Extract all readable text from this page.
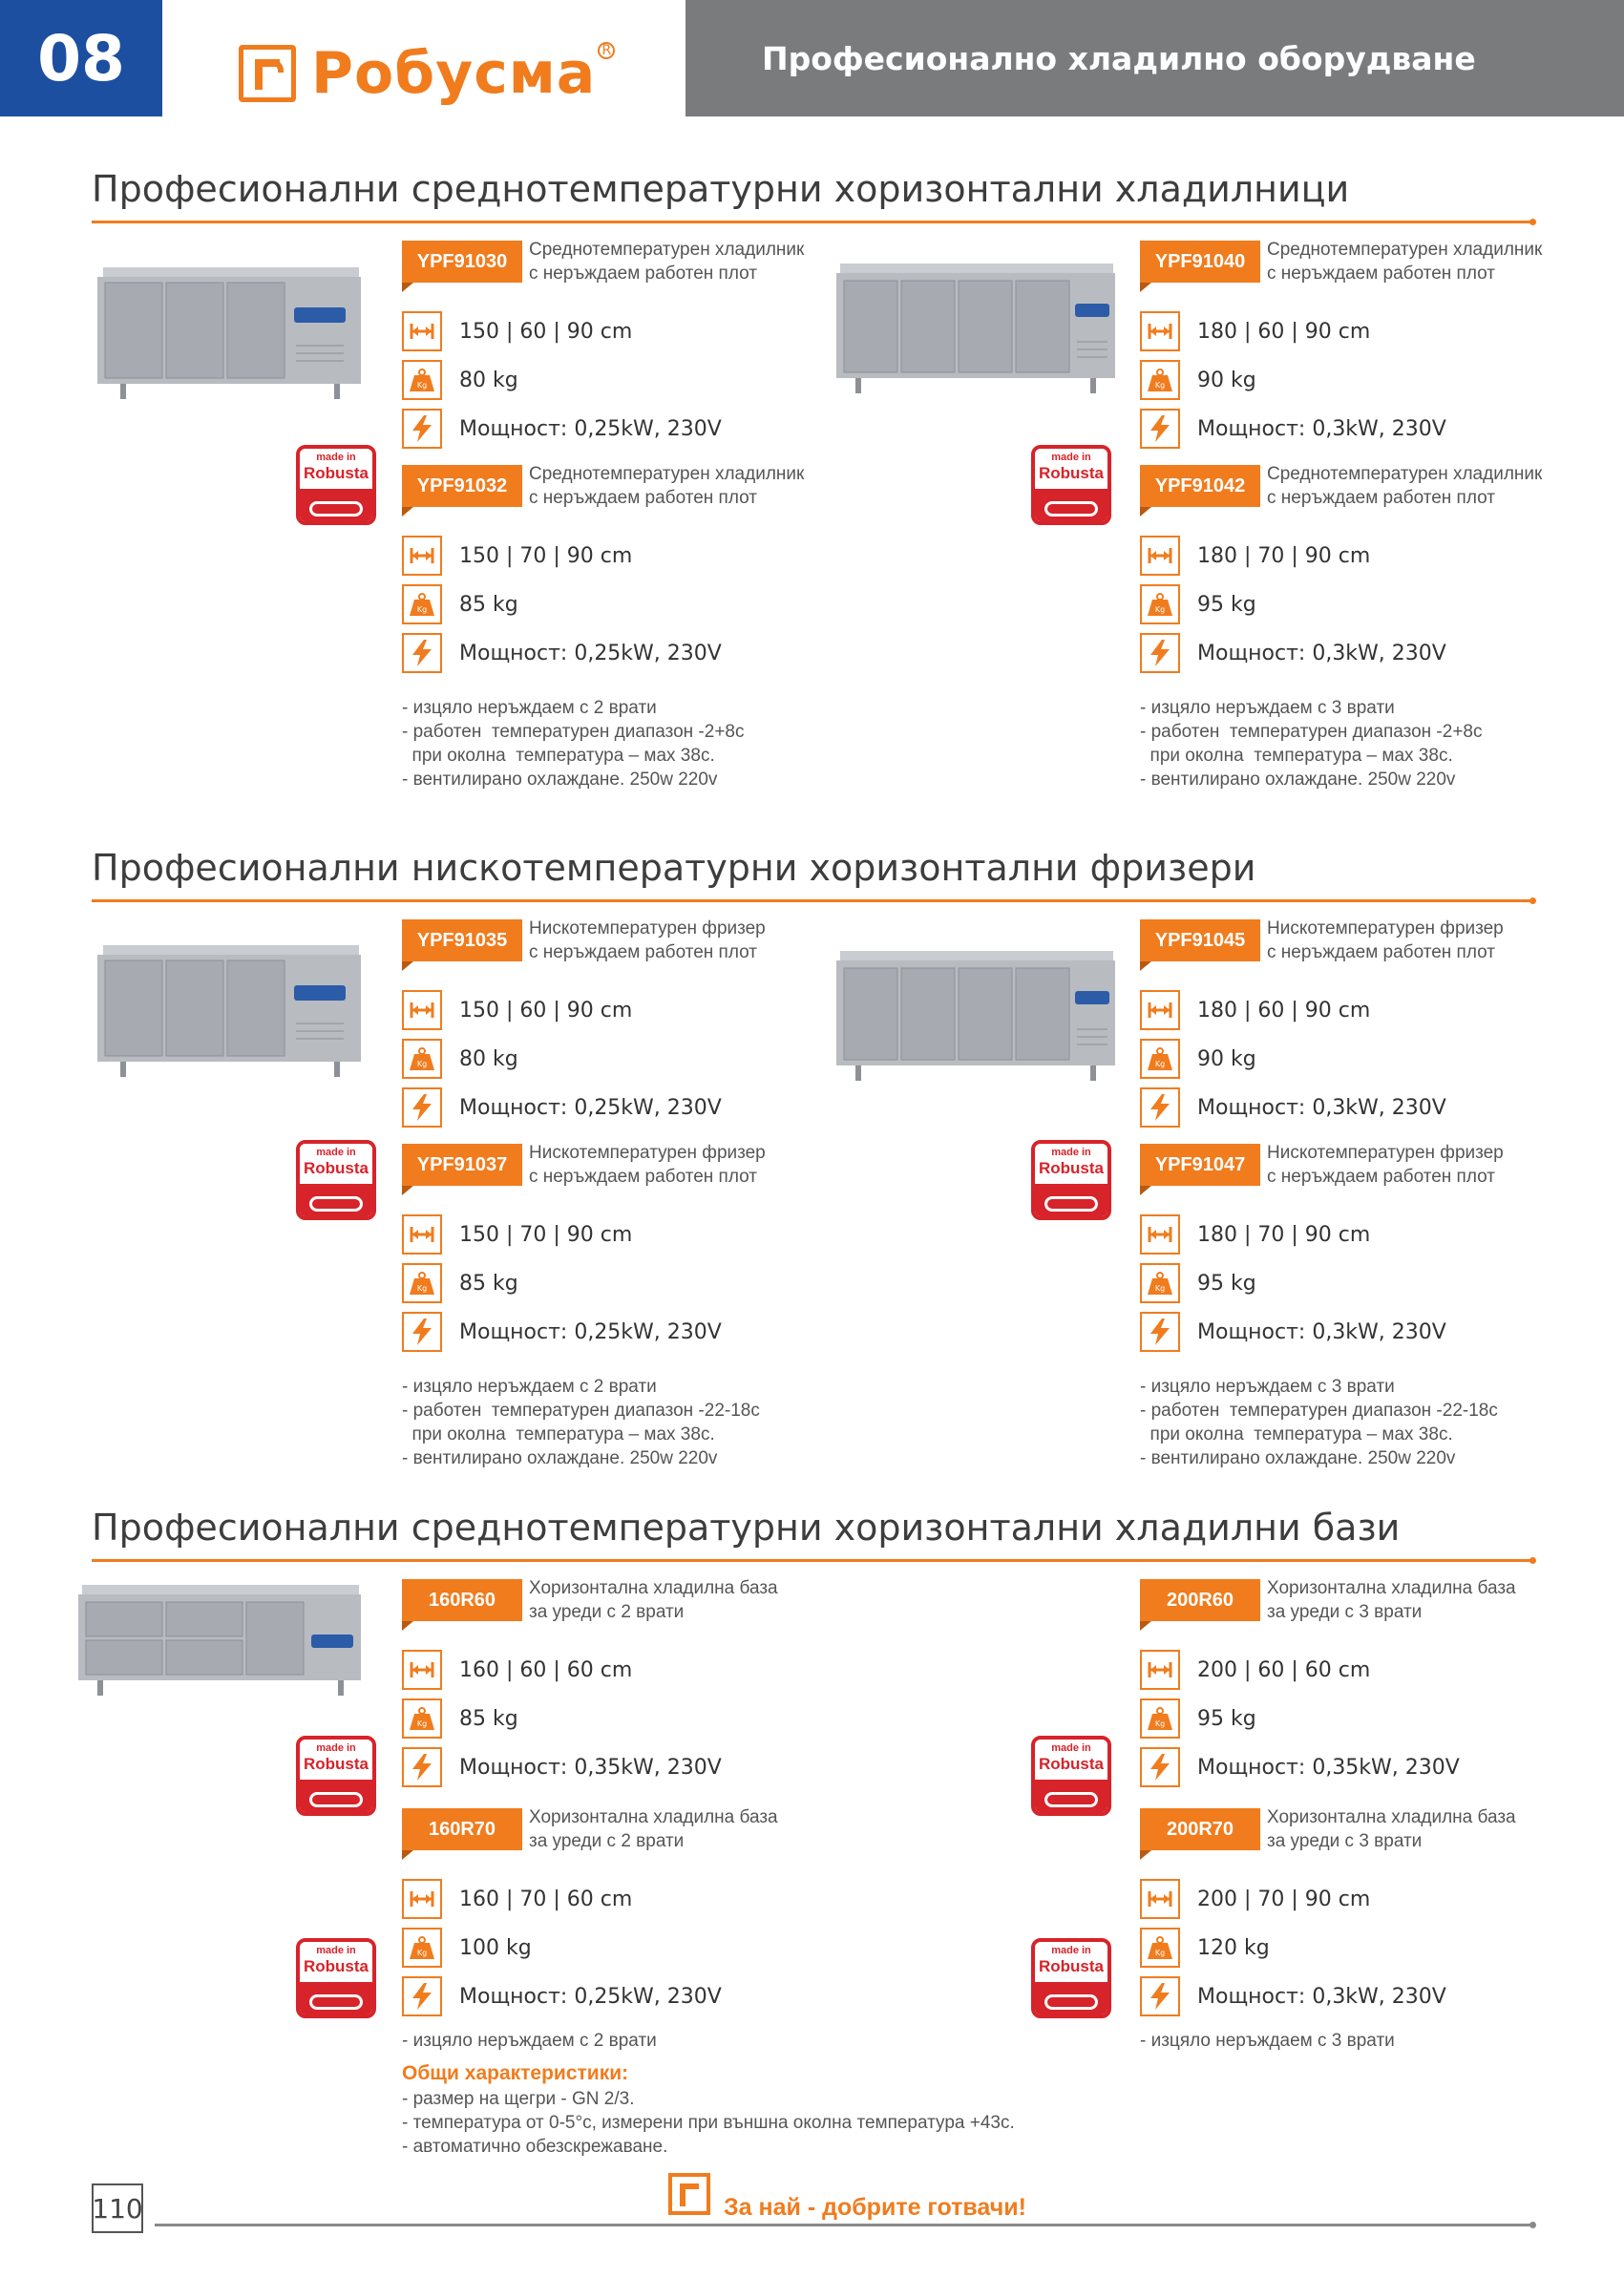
08	Робусма R	Професионално хладилно оборудване
Професионални среднотемпературни хоризонтални хладилници
Професионални нискотемпературни хоризонтални фризери
Професионални среднотемпературни хоризонтални хладилни бази
made in
Robusta
made in
Robusta
made in
Robusta
made in
Robusta
made in
Robusta
made in
Robusta
made in
Robusta
made in
Robusta
YPF91030
Среднотемпературен хладилник
с неръждаем работен плот
150 | 60 | 90 cm
Kg 80 kg
Мощност: 0,25kW, 230V
YPF91032
Среднотемпературен хладилник
с неръждаем работен плот
150 | 70 | 90 cm
Kg 85 kg
Мощност: 0,25kW, 230V
YPF91040
Среднотемпературен хладилник
с неръждаем работен плот
180 | 60 | 90 cm
Kg 90 kg
Мощност: 0,3kW, 230V
YPF91042
Среднотемпературен хладилник
с неръждаем работен плот
180 | 70 | 90 cm
Kg 95 kg
Мощност: 0,3kW, 230V
YPF91035
Нискотемпературен фризер
с неръждаем работен плот
150 | 60 | 90 cm
Kg 80 kg
Мощност: 0,25kW, 230V
YPF91037
Нискотемпературен фризер
с неръждаем работен плот
150 | 70 | 90 cm
Kg 85 kg
Мощност: 0,25kW, 230V
YPF91045
Нискотемпературен фризер
с неръждаем работен плот
180 | 60 | 90 cm
Kg 90 kg
Мощност: 0,3kW, 230V
YPF91047
Нискотемпературен фризер
с неръждаем работен плот
180 | 70 | 90 cm
Kg 95 kg
Мощност: 0,3kW, 230V
160R60
Хоризонтална хладилна база
за уреди с 2 врати
160 | 60 | 60 cm
Kg 85 kg
Мощност: 0,35kW, 230V
160R70
Хоризонтална хладилна база
за уреди с 2 врати
160 | 70 | 60 cm
Kg 100 kg
Мощност: 0,25kW, 230V
200R60
Хоризонтална хладилна база
за уреди с 3 врати
200 | 60 | 60 cm
Kg 95 kg
Мощност: 0,35kW, 230V
200R70
Хоризонтална хладилна база
за уреди с 3 врати
200 | 70 | 90 cm
Kg 120 kg
Мощност: 0,3kW, 230V
- изцяло неръждаем с 2 врати
- работен  температурен диапазон -2+8с
при околна  температура – мах 38с.
- вентилирано охлаждане. 250w 220v
- изцяло неръждаем с 3 врати
- работен  температурен диапазон -2+8с
при околна  температура – мах 38с.
- вентилирано охлаждане. 250w 220v
- изцяло неръждаем с 2 врати
- работен  температурен диапазон -22-18с
при околна  температура – мах 38с.
- вентилирано охлаждане. 250w 220v
- изцяло неръждаем с 3 врати
- работен  температурен диапазон -22-18с
при околна  температура – мах 38с.
- вентилирано охлаждане. 250w 220v
- изцяло неръждаем с 2 врати	- изцяло неръждаем с 3 врати
Общи характеристики:
- размер на щегри - GN 2/3.
- температура от 0-5°с, измерени при външна околна температура +43с.
- автоматично обезскрежаване.
110	За най - добрите готвачи!
